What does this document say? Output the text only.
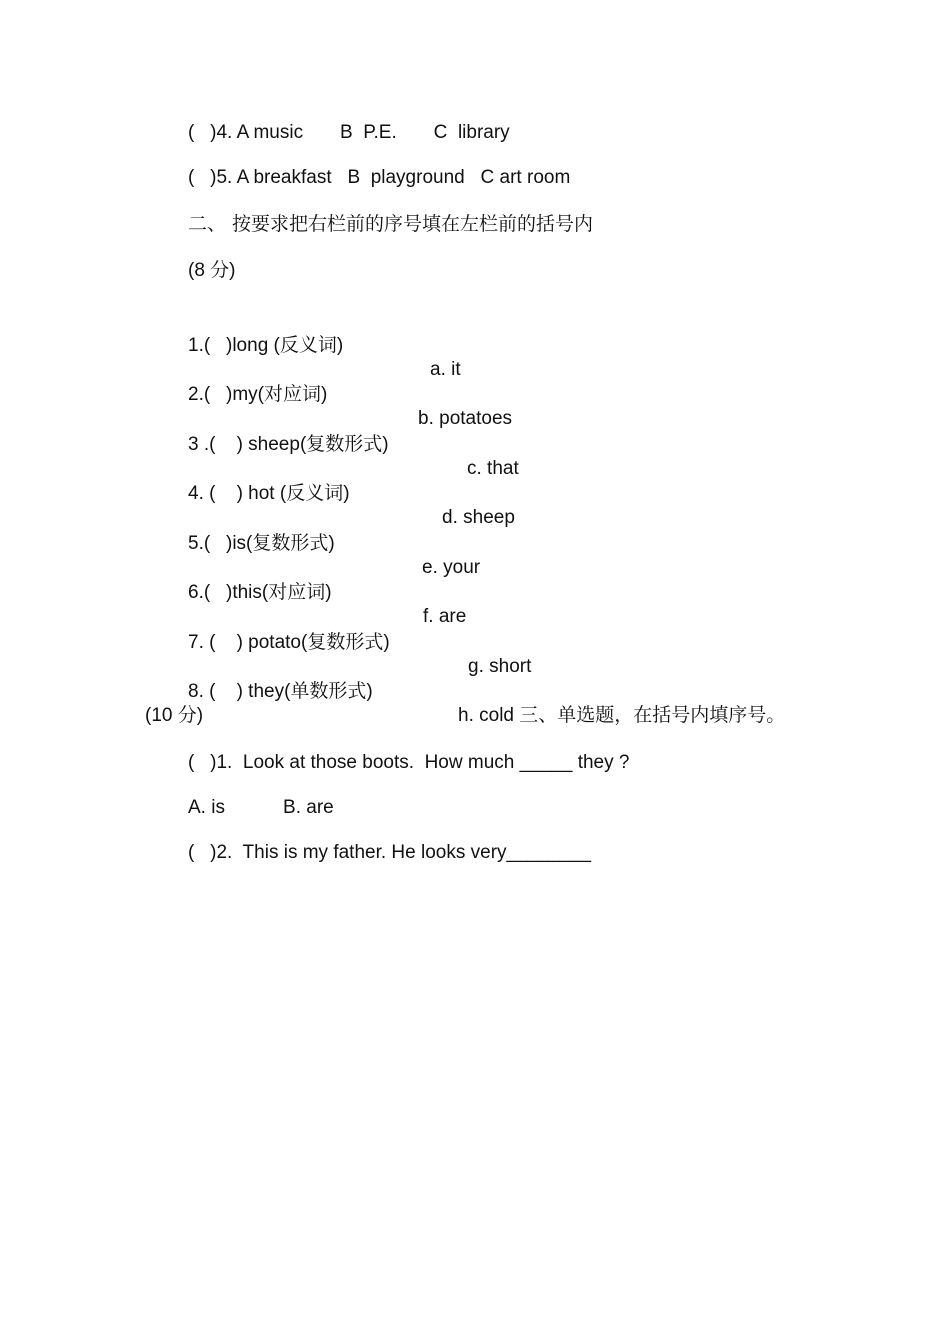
(   )4. A music       B  P.E.       C  library
(   )5. A breakfast   B  playground   C art room
二、 按要求把右栏前的序号填在左栏前的括号内
(8 分)

1.(   )long (反义词)

a. it

2.(   )my(对应词)

b. potatoes

3 .(    ) sheep(复数形式)

c. that

4. (    ) hot (反义词)

d. sheep

5.(   )is(复数形式)

e. your

6.(   )this(对应词)

f. are

7. (    ) potato(复数形式)

g. short

8. (    ) they(单数形式)

h. cold 三、单选题，在括号内填序号。

(10 分)
(   )1.  Look at those boots.  How much _____ they ?
A. is           B. are
(   )2.  This is my father. He looks very________
